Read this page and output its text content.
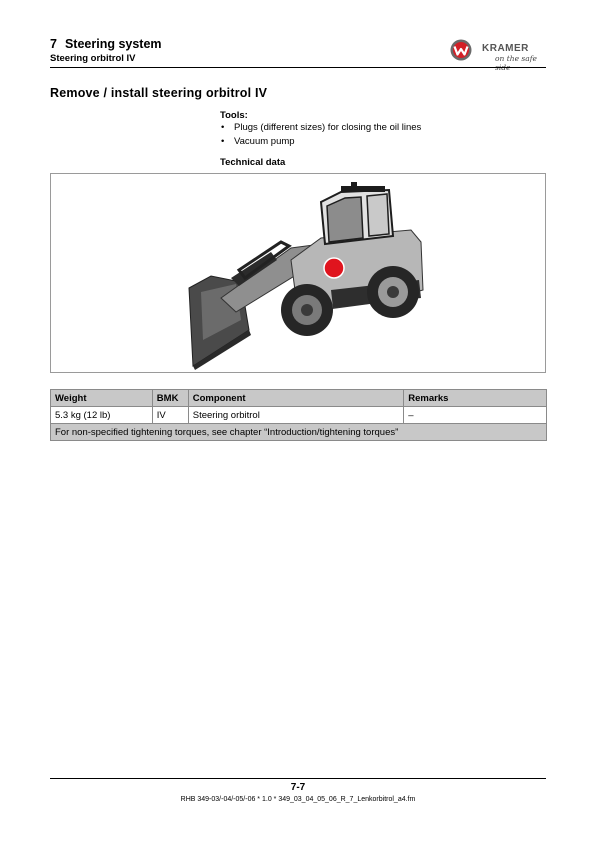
7 Steering system
Steering orbitrol IV
KRAMER
on the safe
Remove / install steering orbitrol IV
Tools:
• Plugs (different sizes) for closing the oil lines
• Vacuum pump
Technical data
Weight	BMK	Component	Remarks
5.3 kg (12 lb)	IV	Steering orbitrol	–
For non-specified tightening torques, see chapter “Introduction/tightening torques”			
7-7
RHB 349-03/-04/-05/-06 * 1.0 * 349_03_04_05_06_R_7_Lenkorbitrol_a4.fm
